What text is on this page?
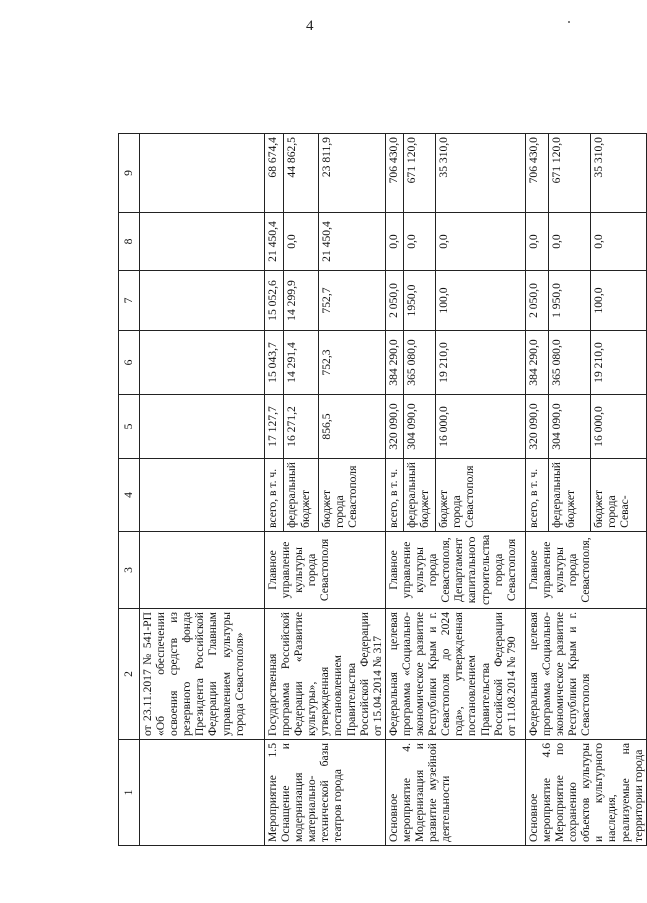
4
1	2	3	4	5	6	7	8	9
	от 23.11.2017 № 541-РП «Об обеспечении освоения средств из резервного фонда Президента Российской Федерации Главным управлением культуры города Севастополя»							
Мероприятие 1.5 Оснащение и модернизация материально-технической базы театров города	Государственная программа Российской Федерации «Развитие культуры», утвержденная постановлением Правительства Российской Федерации от 15.04.2014 № 317	Главное управление культуры города Севастополя	всего, в т. ч.	17 127,7	15 043,7	15 052,6	21 450,4	68 674,4
			федеральный бюджет	16 271,2	14 291,4	14 299,9	0,0	44 862,5
			бюджет города Севастополя	856,5	752,3	752,7	21 450,4	23 811,9
Основное мероприятие 4. Модернизация и развитие музейной деятельности	Федеральная целевая программа «Социально-экономическое развитие Республики Крым и г. Севастополя до 2024 года», утвержденная постановлением Правительства Российской Федерации от 11.08.2014 № 790	Главное управление культуры города Севастополя, Департамент капитального строительства города Севастополя	всего, в т. ч.	320 090,0	384 290,0	2 050,0	0,0	706 430,0
			федеральный бюджет	304 090,0	365 080,0	1950,0	0,0	671 120,0
			бюджет города Севастополя	16 000,0	19 210,0	100,0	0,0	35 310,0
Основное мероприятие 4.6 Мероприятие по сохранению объектов культуры и культурного наследия, реализуемые на территории города	Федеральная целевая программа «Социально-экономическое развитие Республики Крым и г. Севастополя	Главное управление культуры города Севастополя,	всего, в т. ч.	320 090,0	384 290,0	2 050,0	0,0	706 430,0
			федеральный бюджет	304 090,0	365 080,0	1 950,0	0,0	671 120,0
			бюджет города Севас-	16 000,0	19 210,0	100,0	0,0	35 310,0
